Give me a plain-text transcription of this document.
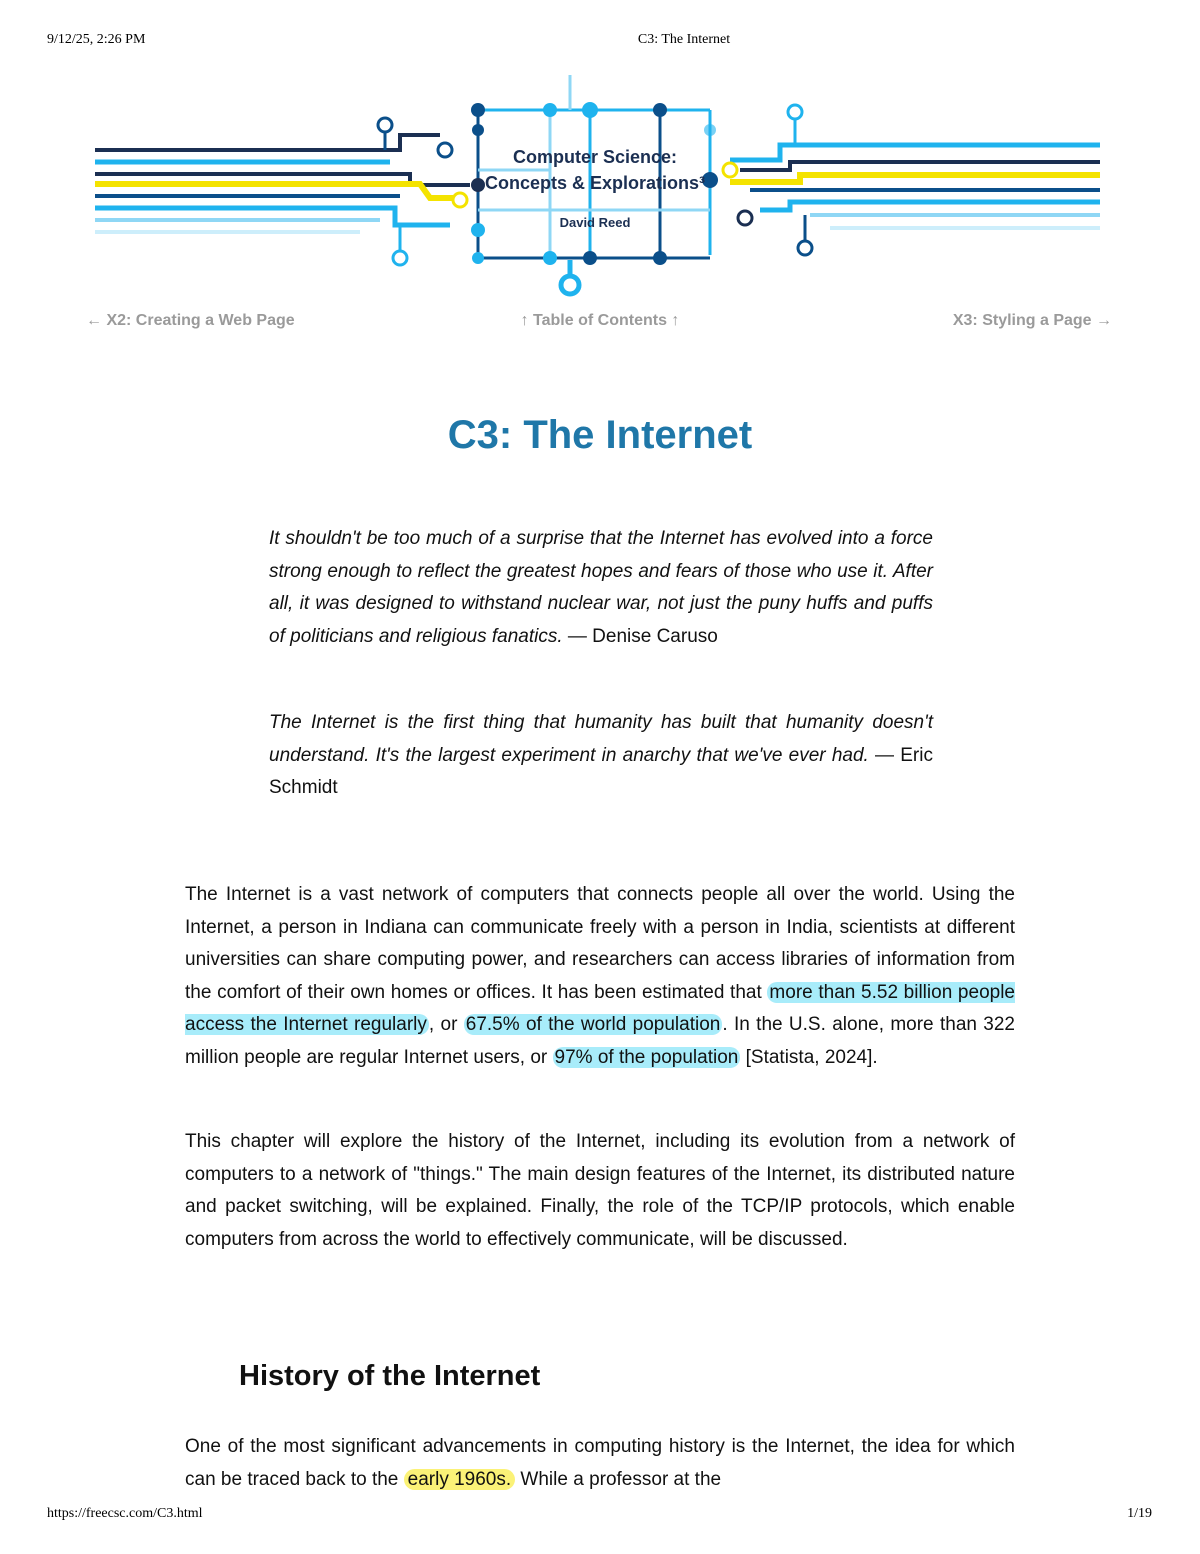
9/12/25, 2:26 PM	C3: The Internet
Computer Science:
Concepts & Explorations³
David Reed
← X2: Creating a Web Page	↑ Table of Contents ↑	X3: Styling a Page →
C3: The Internet

It shouldn't be too much of a surprise that the Internet has evolved into a force strong enough to reflect the greatest hopes and fears of those who use it. After all, it was designed to withstand nuclear war, not just the puny huffs and puffs of politicians and religious fanatics. — Denise Caruso

The Internet is the first thing that humanity has built that humanity doesn't understand. It's the largest experiment in anarchy that we've ever had. — Eric Schmidt

The Internet is a vast network of computers that connects people all over the world. Using the Internet, a person in Indiana can communicate freely with a person in India, scientists at different universities can share computing power, and researchers can access libraries of information from the comfort of their own homes or offices. It has been estimated that more than 5.52 billion people access the Internet regularly , or 67.5% of the world population . In the U.S. alone, more than 322 million people are regular Internet users, or 97% of the population [Statista, 2024].

This chapter will explore the history of the Internet, including its evolution from a network of computers to a network of "things." The main design features of the Internet, its distributed nature and packet switching, will be explained. Finally, the role of the TCP/IP protocols, which enable computers from across the world to effectively communicate, will be discussed.

History of the Internet

One of the most significant advancements in computing history is the Internet, the idea for which can be traced back to the early 1960s. While a professor at the

https://freecsc.com/C3.html	1/19
